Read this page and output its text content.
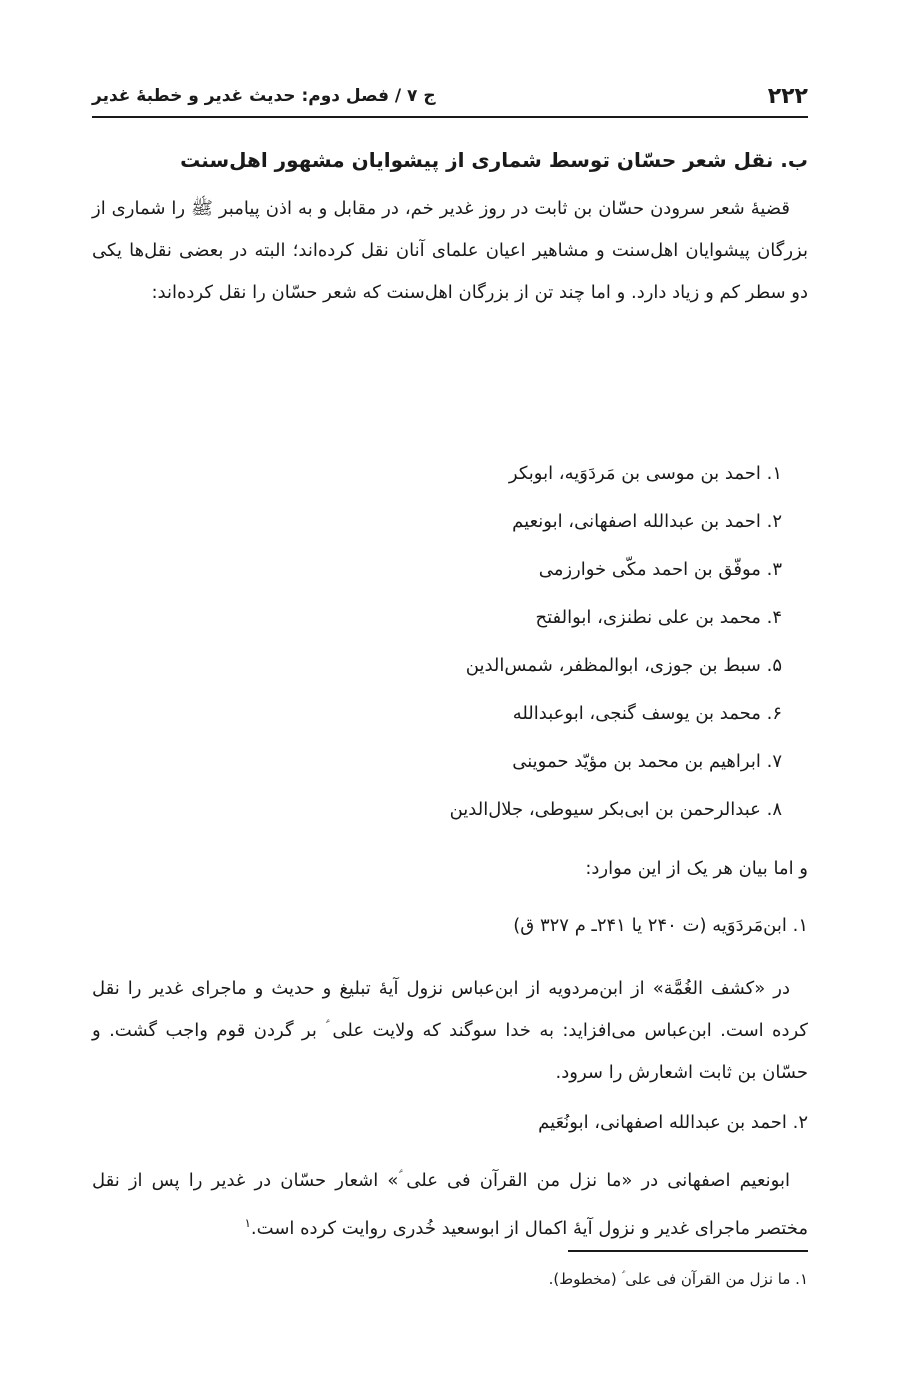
۲۲۲
ج ۷ / فصل دوم: حدیث غدیر و خطبهٔ غدیر
ب. نقل شعر حسّان توسط شماری از پیشوایان مشهور اهل‌سنت

قضیهٔ شعر سرودن حسّان بن ثابت در روز غدیر خم، در مقابل و به اذن پیامبر ﷺ را شماری از بزرگان پیشوایان اهل‌سنت و مشاهیر اعیان علمای آنان نقل کرده‌اند؛ البته در بعضی نقل‌ها یکی دو سطر کم و زیاد دارد. و اما چند تن از بزرگان اهل‌سنت که شعر حسّان را نقل کرده‌اند:

۱. احمد بن موسی بن مَردَوَیه، ابوبکر
۲. احمد بن عبدالله اصفهانی، ابونعیم
۳. موفّق بن احمد مکّی خوارزمی
۴. محمد بن علی نطنزی، ابوالفتح
۵. سبط بن جوزی، ابوالمظفر، شمس‌الدین
۶. محمد بن یوسف گنجی، ابوعبدالله
۷. ابراهیم بن محمد بن مؤیّد حموینی
۸. عبدالرحمن بن ابی‌بکر سیوطی، جلال‌الدین

و اما بیان هر یک از این موارد:

۱. ابن‌مَردَوَیه (ت ۲۴۰ یا ۲۴۱ـ م ۳۲۷ ق)

در «کشف الغُمَّة» از ابن‌مردویه از ابن‌عباس نزول آیهٔ تبلیغ و حدیث و ماجرای غدیر را نقل کرده است. ابن‌عباس می‌افزاید: به خدا سوگند که ولایت علی ؑ بر گردن قوم واجب گشت. و حسّان بن ثابت اشعارش را سرود.

۲. احمد بن عبدالله اصفهانی، ابونُعَیم

ابونعیم اصفهانی در «ما نزل من القرآن فی علی ؑ» اشعار حسّان در غدیر را پس از نقل مختصر ماجرای غدیر و نزول آیهٔ اکمال از ابوسعید خُدری روایت کرده است.$^۱$

۱. ما نزل من القرآن فی علی ؑ (مخطوط).
